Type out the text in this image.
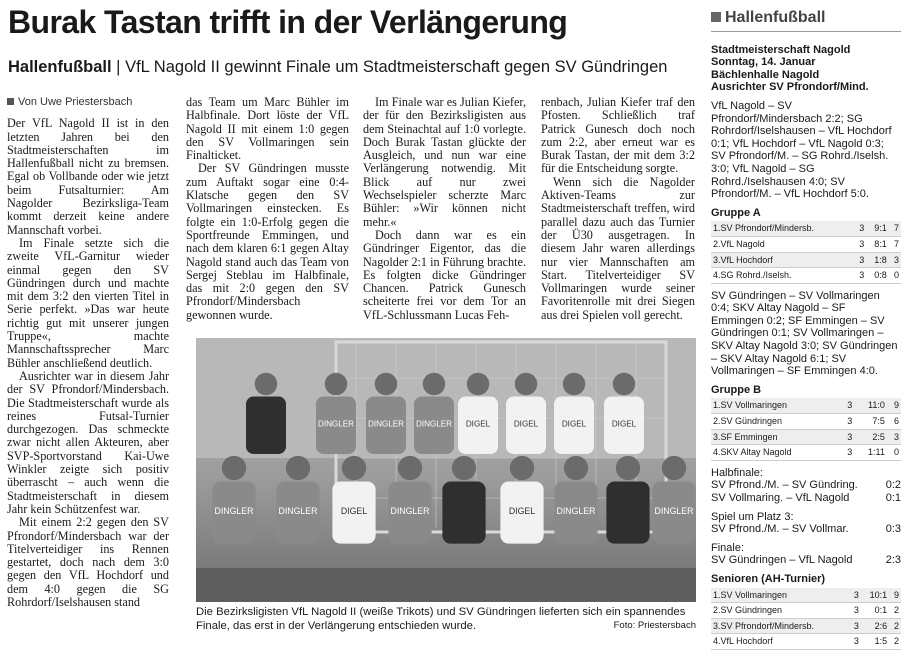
Burak Tastan trifft in der Verlängerung
Hallenfußball | VfL Nagold II gewinnt Finale um Stadtmeisterschaft gegen SV Gündringen

Von Uwe Priestersbach

Der VfL Nagold II ist in den letzten Jahren bei den Stadtmeisterschaften im Hallenfußball nicht zu bremsen. Egal ob Vollbande oder wie jetzt beim Futsalturnier: Am Nagolder Bezirksliga-Team kommt derzeit keine andere Mannschaft vorbei.

Im Finale setzte sich die zweite VfL-Garnitur wieder einmal gegen den SV Gündringen durch und machte mit dem 3:2 den vierten Titel in Serie perfekt. »Das war heute richtig gut mit unserer jungen Truppe«, machte Mannschaftssprecher Marc Bühler anschließend deutlich.

Ausrichter war in diesem Jahr der SV Pfrondorf/Mindersbach. Die Stadtmeisterschaft wurde als reines Futsal-Turnier durchgezogen. Das schmeckte zwar nicht allen Akteuren, aber SVP-Sportvorstand Kai-Uwe Winkler zeigte sich positiv überrascht – auch wenn die Stadtmeisterschaft in diesem Jahr kein Schützenfest war.

Mit einem 2:2 gegen den SV Pfrondorf/Mindersbach war der Titelverteidiger ins Rennen gestartet, doch nach dem 3:0 gegen den VfL Hochdorf und dem 4:0 gegen die SG Rohrdorf/Iselshausen stand

das Team um Marc Bühler im Halbfinale. Dort löste der VfL Nagold II mit einem 1:0 gegen den SV Vollmaringen sein Finalticket.

Der SV Gündringen musste zum Auftakt sogar eine 0:4-Klatsche gegen den SV Vollmaringen einstecken. Es folgte ein 1:0-Erfolg gegen die Sportfreunde Emmingen, und nach dem klaren 6:1 gegen Altay Nagold stand auch das Team von Sergej Steblau im Halbfinale, das mit 2:0 gegen den SV Pfrondorf/Mindersbach gewonnen wurde.

Im Finale war es Julian Kiefer, der für den Bezirksligisten aus dem Steinachtal auf 1:0 vorlegte. Doch Burak Tastan glückte der Ausgleich, und nun war eine Verlängerung notwendig. Mit Blick auf nur zwei Wechselspieler scherzte Marc Bühler: »Wir können nicht mehr.«

Doch dann war es ein Gündringer Eigentor, das die Nagolder 2:1 in Führung brachte. Es folgten dicke Gündringer Chancen. Patrick Gunesch scheiterte frei vor dem Tor an VfL-Schlussmann Lucas Feh-

renbach, Julian Kiefer traf den Pfosten. Schließlich traf Patrick Gunesch doch noch zum 2:2, aber erneut war es Burak Tastan, der mit dem 3:2 für die Entscheidung sorgte.

Wenn sich die Nagolder Aktiven-Teams zur Stadtmeisterschaft treffen, wird parallel dazu auch das Turnier der Ü30 ausgetragen. In diesem Jahr waren allerdings nur vier Mannschaften am Start. Titelverteidiger SV Vollmaringen wurde seiner Favoritenrolle mit drei Siegen aus drei Spielen voll gerecht.

DINGLER DINGLER DINGLER DIGEL	DIGEL	DIGEL	DIGEL
DINGLER	DINGLER	DIGEL	DINGLER	DIGEL DINGLER	DINGLER
Die Bezirksligisten VfL Nagold II (weiße Trikots) und SV Gündringen lieferten sich ein spannendes Finale, das erst in der Verlängerung entschieden wurde.	Foto: Priestersbach
Hallenfußball
Stadtmeisterschaft Nagold
Sonntag, 14. Januar
Bächlenhalle Nagold
Ausrichter SV Pfrondorf/Mind.
VfL Nagold – SV Pfrondorf/Mindersbach 2:2; SG Rohrdorf/Iselshausen – VfL Hochdorf 0:1; VfL Hochdorf – VfL Nagold 0:3; SV Pfrondorf/M. – SG Rohrd./Iselsh. 3:0; VfL Nagold – SG Rohrd./Iselshausen 4:0; SV Pfrondorf/M. – VfL Hochdorf 5:0.
Gruppe A
1.SV Pfrondorf/Mindersb.	3	9:1	7
2.VfL Nagold	3	8:1	7
3.VfL Hochdorf	3	1:8	3
4.SG Rohrd./Iselsh.	3	0:8	0
SV Gündringen – SV Vollmaringen 0:4; SKV Altay Nagold – SF Emmingen 0:2; SF Emmingen – SV Gündringen 0:1; SV Vollmaringen – SKV Altay Nagold 3:0; SV Gündringen – SKV Altay Nagold 6:1; SV Vollmaringen – SF Emmingen 4:0.
Gruppe B
1.SV Vollmaringen	3	11:0	9
2.SV Gündringen	3	7:5	6
3.SF Emmingen	3	2:5	3
4.SKV Altay Nagold	3	1:11	0
Halbfinale:
SV Pfrond./M. – SV Gündring.	0:2
SV Vollmaring. – VfL Nagold	0:1
Spiel um Platz 3:
SV Pfrond./M. – SV Vollmar.	0:3
Finale:
SV Gündringen – VfL Nagold	2:3
Senioren (AH-Turnier)
1.SV Vollmaringen	3	10:1	9
2.SV Gündringen	3	0:1	2
3.SV Pfrondorf/Mindersb.	3	2:6	2
4.VfL Hochdorf	3	1:5	2
